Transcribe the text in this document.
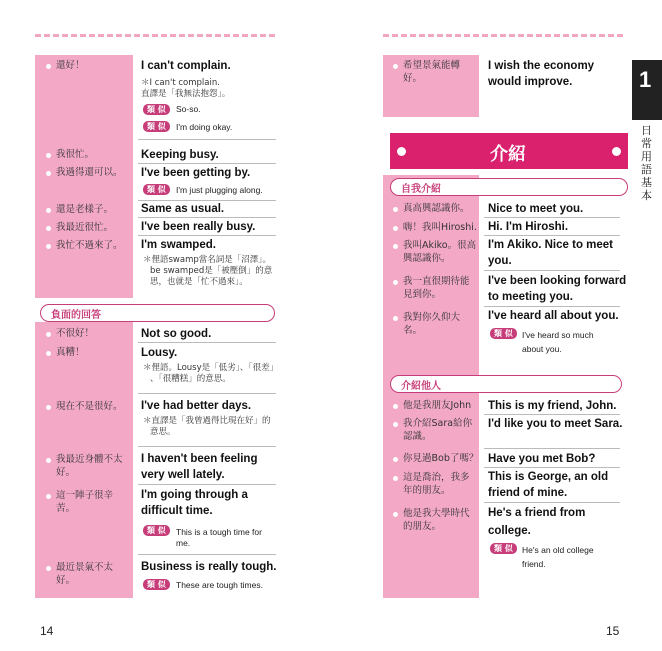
還好！	I can't complain.
＊I can't complain.
直譯是「我無法抱怨」。
類 似	So-so.
類 似	I'm doing okay.
我很忙。	Keeping busy.
我過得還可以。 I've been getting by.
類 似	I'm just plugging along.
還是老樣子。 Same as usual.
我最近很忙。 I've been really busy.
我忙不過來了。 I'm swamped.
＊俚語swamp當名詞是「沼澤」。
be swamped是「被壓倒」的意
思，也就是「忙不過來」。
負面的回答
不很好！	Not so good.
真糟！	Lousy.
＊俚語。Lousy是「低劣」、「很差」
、「很糟糕」的意思。
現在不是很好。 I've had better days.
＊直譯是「我曾過得比現在好」的
意思。
我最近身體不太
好。
I haven't been feeling
very well lately.
這一陣子很辛
苦。
I'm going through a
difficult time.
類 似	This is a tough time for
me.
最近景氣不太
好。
Business is really tough.
類 似	These are tough times.
14
希望景氣能轉
好。
I wish the economy
would improve.
介紹
1
日常用語基本
自我介紹
真高興認識你。 Nice to meet you.
嗨！我叫Hiroshi. Hi. I'm Hiroshi.
我叫Akiko。很高
興認識你。
I'm Akiko. Nice to meet
you.
我一直很期待能
見到你。
I've been looking forward
to meeting you.
我對你久仰大
名。
I've heard all about you.
類 似	I've heard so much
about you.
介紹他人
他是我朋友John This is my friend, John.
我介紹Sara給你
認識。
I'd like you to meet Sara.
你見過Bob了嗎？ Have you met Bob?
這是喬治，我多
年的朋友。
This is George, an old
friend of mine.
他是我大學時代
的朋友。
He's a friend from
college.
類 似	He's an old college
friend.
15
